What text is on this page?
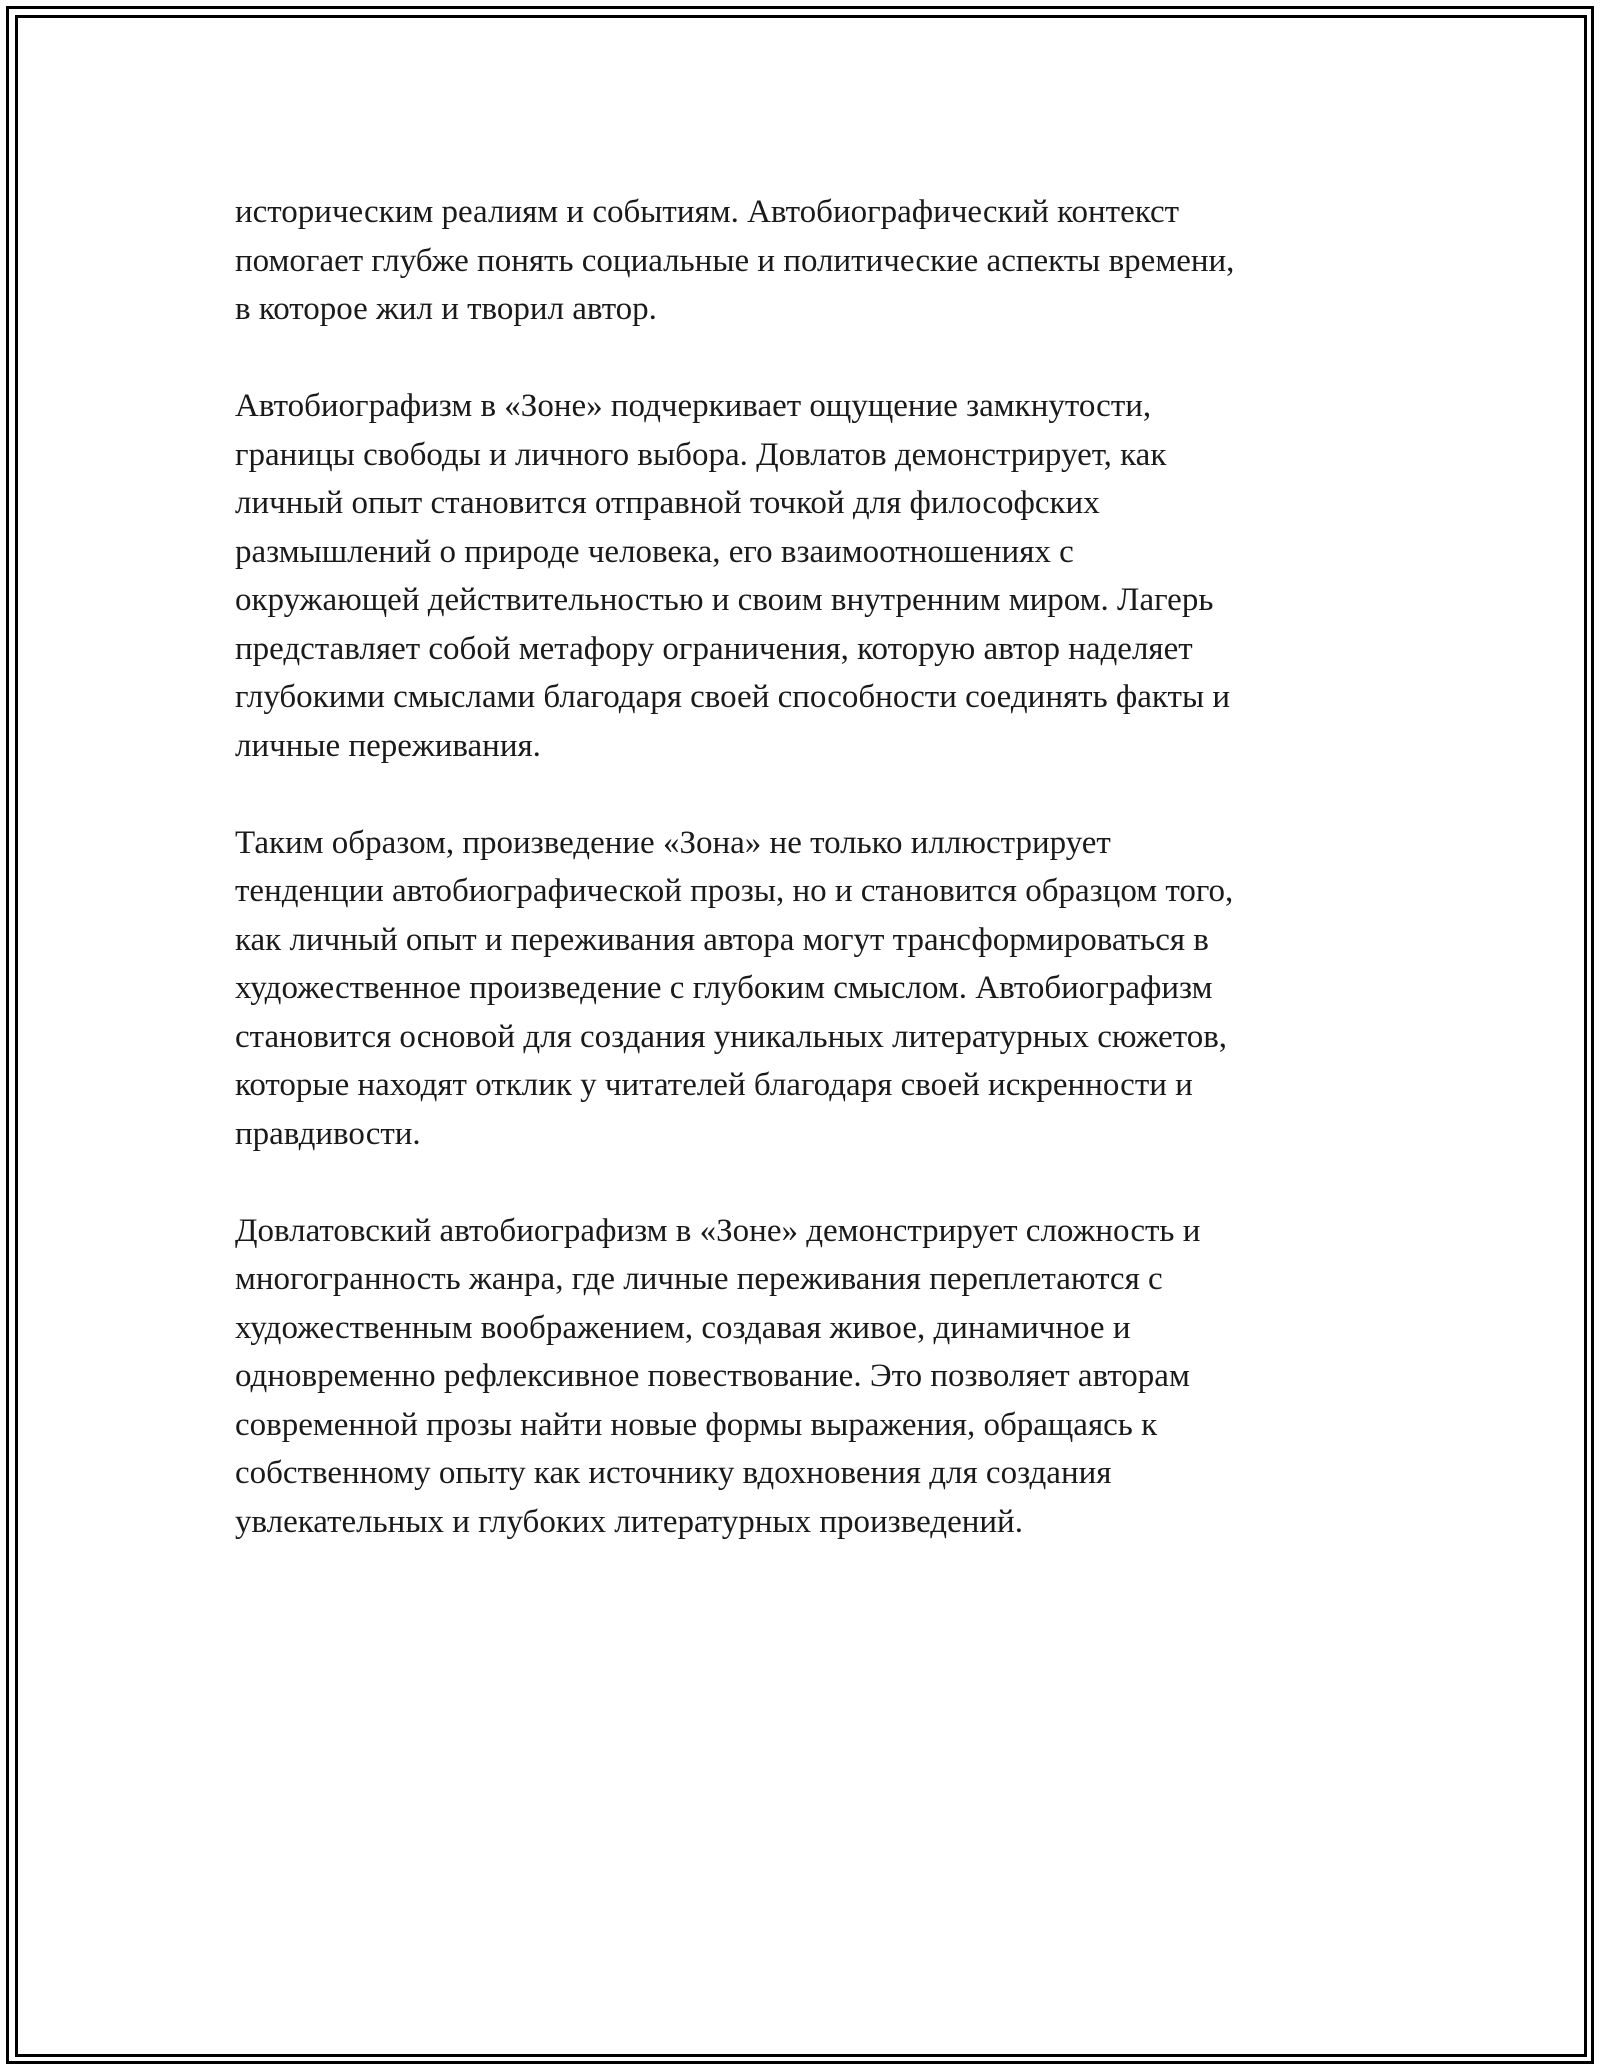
историческим реалиям и событиям. Автобиографический контекст
помогает глубже понять социальные и политические аспекты времени,
в которое жил и творил автор.

Автобиографизм в «Зоне» подчеркивает ощущение замкнутости,
границы свободы и личного выбора. Довлатов демонстрирует, как
личный опыт становится отправной точкой для философских
размышлений о природе человека, его взаимоотношениях с
окружающей действительностью и своим внутренним миром. Лагерь
представляет собой метафору ограничения, которую автор наделяет
глубокими смыслами благодаря своей способности соединять факты и
личные переживания.

Таким образом, произведение «Зона» не только иллюстрирует
тенденции автобиографической прозы, но и становится образцом того,
как личный опыт и переживания автора могут трансформироваться в
художественное произведение с глубоким смыслом. Автобиографизм
становится основой для создания уникальных литературных сюжетов,
которые находят отклик у читателей благодаря своей искренности и
правдивости.

Довлатовский автобиографизм в «Зоне» демонстрирует сложность и
многогранность жанра, где личные переживания переплетаются с
художественным воображением, создавая живое, динамичное и
одновременно рефлексивное повествование. Это позволяет авторам
современной прозы найти новые формы выражения, обращаясь к
собственному опыту как источнику вдохновения для создания
увлекательных и глубоких литературных произведений.
